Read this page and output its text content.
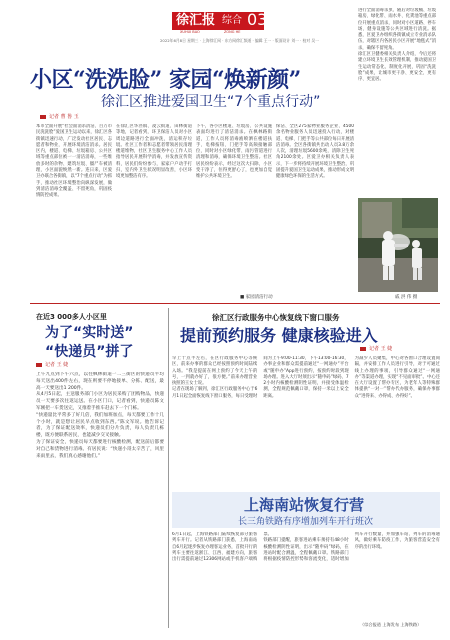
徐汇报
XUHUI BAO
综合
ZONG HE
03
2022年6月8日 星期三 · 上海徐汇网 · 东方网徐汇频道 · 编辑 王一 · 版面设计 刘一 · 校对 吴一
小区“洗洗脸” 家园“焕新颜”
徐汇区推进爱国卫生“7个重点行动”
记者 曹 鲁 玉
本市全面开展“社会面消杀清洁、百万市民洗洗脸”爱国卫生运动以来，徐汇区各街镇迅速行动，广泛发动社区居民、志愿者和物业，开展环境清洁消杀。居民区内，楼道、电梯、垃圾箱房、公共区域等重点部位被一一清洁消毒，一些堆放多时的杂物、建筑垃圾、僵尸车被清理，小区面貌焕然一新。连日来，区爱卫办联合各街镇，以“7个重点行动”为抓手，推动社区环境整治向纵深发展，做到清洁消毒全覆盖、不留死角，巩固疫情防控成果。
在徐汇区华泾镇、凌云街道、田林街道等地，记者看到，环卫保洁人员对小区周边道路进行全面冲洗，清运积存垃圾。社区工作者和志愿者带领居民清理楼道堆物，社区卫生服务中心工作人员指导居民开展科学消毒，并发放宣传资料，居民们纷纷参与，家家户户动手打扫，室内外卫生状况明显改善，小区环境更加整洁有序。
下午，各小区楼道、垃圾房、公共设施表面均进行了清洁消杀。在枫林路街道，工作人员将消毒液喷洒在楼道扶手、电梯按钮、门把手等高频接触部位，同时对小区绿化带、雨污管道进行清理和消毒，确保环境卫生整洁。社区居民纷纷表示，经过这次大扫除，小区变干净了，住得更舒心了，也更加自觉维护公共环境卫生。
保洁、全区275家物业服务企业、4500余名物业服务人员迅速投入行动，对楼道、电梯、门把手等公共部位每日开展清洁消毒。全区各街镇共出动人员3.8万余人次，清理垃圾5600余吨，清除卫生死角2100余处。区爱卫办相关负责人表示，下一步将持续开展环境卫生整治，巩固提升爱国卫生运动成果，推动形成文明健康绿色环保的生活方式。
进行全面消毒杀虫、随后对垃圾桶、垃圾箱房、绿化带、雨水井、化粪池等重点部位开展重点消杀，同时对小区道路、停车场、健身设施等公共区域进行清洗。据悉，区爱卫办组织各街镇成立专业消杀队伍，对辖区内各居民小区开展“地毯式”消杀，确保不留死角。
徐汇区卫健委相关负责人介绍，今后还将建立环境卫生长效管理机制，推动爱国卫生运动常态化、制度化开展，巩固“洗洗脸”成果，让城市更干净、更安全、更有序、更宜居。
■ 家园清洁行动	戚 洪 伟 摄
在近3 000多人小区里
为了“实时送”
“快递员”拼了
记者 王 婕
上午九点到下午六点，以往枫林街道一二三街区的快递员平均每天送出400件左右，现在则要不停地接单、分拣、配送，最高一天要送出1 200件。
从4月5日起，主送服务部门小区为居民采购了团购物品，快递员一天要多次往返运送。在小区门口，记者看到，快递员陈文军刚把一车货送完，又推着手推车赶去下一个门栋。
“快递量比平常多了好几倍，我们加班加点，每天都要工作十几个小时，就是想让居民早点收到东西。”陈文军说。他告诉记者，为了保证配送效率，快递员们分片负责，每人负责几栋楼，既方便联系居民，也能减少交叉接触。
为了保证安全，快递员每天都要进行核酸检测，配送前后都要对自己和货物进行消毒。有居民说：“快递小哥太辛苦了，风里来雨里去，我们真心感谢他们。”
徐汇区行政服务中心恢复线下窗口服务
提前预约服务 健康核验进入
记者 王 婕
早上十点半左右，在区行政服务中心等候区，前来办事的群众已经按照预约时间陆续入场。“我是提前在网上预约了今天上午的号，一到就办好了，很方便。”前来办理营业执照的王女士说。
记者在现场了解到，徐汇区行政服务中心于6月1日起全面恢复线下窗口服务，每日受理时间为上午9:00-11:30、下午13:00-16:30，办事企业和群众需提前通过“一网通办”平台或“随申办”App进行预约，按预约时段到现场办理。进入大厅时须出示“随申码”绿码、72小时内核酸检测阴性证明，并接受体温检测，全程规范佩戴口罩，保持一米以上安全距离。
为减少人员聚集，中心对各窗口合理设置间隔，并安排工作人员进行引导，对于可通过线上办理的事项，引导群众通过“一网通办”等渠道办理，实现“不见面审批”。中心还在大厅设置了帮办专区，为老年人等特殊群体提供“一对一”帮办代办服务，确保办事群众“进得来、办得成、办得好”。
上海南站恢复行营
长三角铁路有序增加列车开行班次
6月1日起，上海铁路部门陆续恢复部分旅客列车开行。记者从铁路部门获悉，上海南站自6月起逐步恢复办理客运业务，首批开行的列车主要往返浙江、江西、福建方向，旅客出行需提前通过12306网站或手机客户端购票。
铁路部门提醒，旅客进站乘车须持有48小时核酸检测阴性证明，出示“随申码”绿码，在进站时配合测温，全程佩戴口罩。铁路部门将根据疫情防控形势和客流变化，适时增加列车开行数量，并加强车站、列车的消毒通风，做好乘车防疫工作，为旅客营造安全有序的出行环境。
（综合报道 上海发布 上海铁路）
